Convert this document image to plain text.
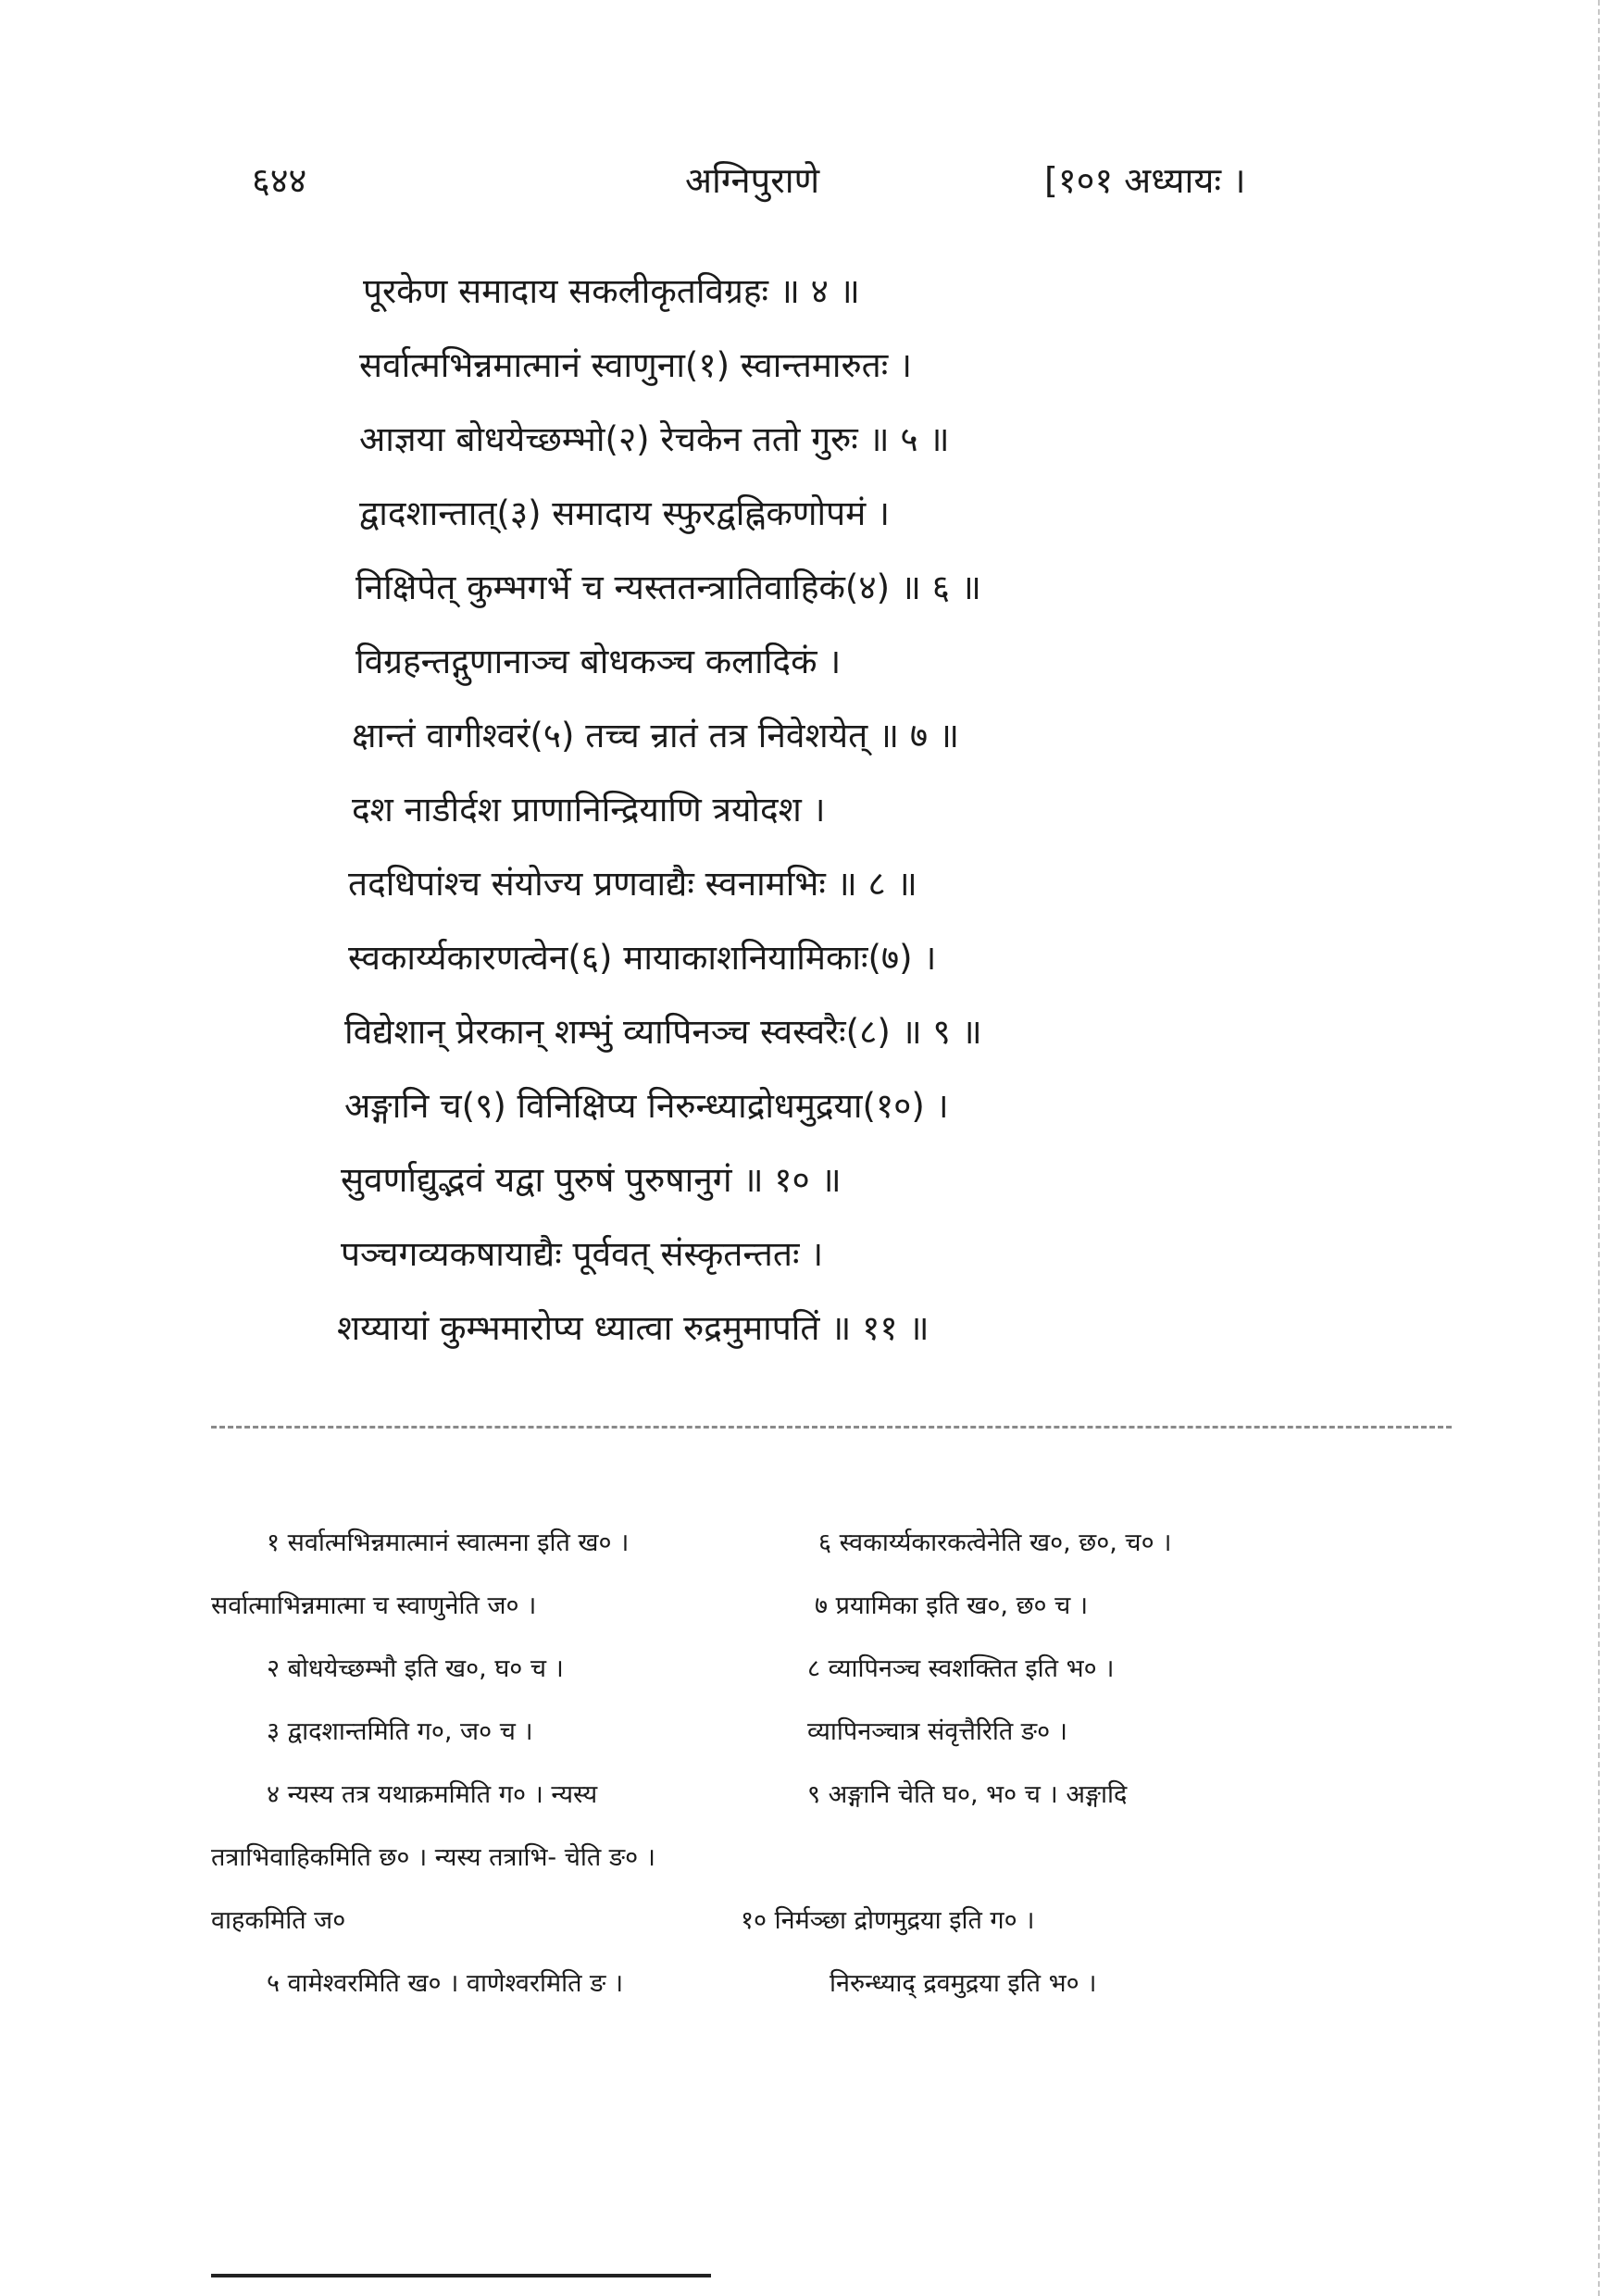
६४४	अग्निपुराणे	[१०१ अध्यायः ।
पूरकेण समादाय सकलीकृतविग्रहः ॥ ४ ॥
सर्वात्मभिन्नमात्मानं स्वाणुना(१) स्वान्तमारुतः ।
आज्ञया बोधयेच्छम्भो(२) रेचकेन ततो गुरुः ॥ ५ ॥
द्वादशान्तात्(३) समादाय स्फुरद्वह्निकणोपमं ।
निक्षिपेत् कुम्भगर्भे च न्यस्ततन्त्रातिवाहिकं(४) ॥ ६ ॥
विग्रहन्तद्गुणानाञ्च बोधकञ्च कलादिकं ।
क्षान्तं वागीश्वरं(५) तच्च न्रातं तत्र निवेशयेत् ॥ ७ ॥
दश नाडीर्दश प्राणानिन्द्रियाणि त्रयोदश ।
तदधिपांश्च संयोज्य प्रणवाद्यैः स्वनामभिः ॥ ८ ॥
स्वकार्य्यकारणत्वेन(६) मायाकाशनियामिकाः(७) ।
विद्येशान् प्रेरकान् शम्भुं व्यापिनञ्च स्वस्वरैः(८) ॥ ९ ॥
अङ्गानि च(९) विनिक्षिप्य निरुन्ध्याद्रोधमुद्रया(१०) ।
सुवर्णाद्युद्भवं यद्वा पुरुषं पुरुषानुगं ॥ १० ॥
पञ्चगव्यकषायाद्यैः पूर्ववत् संस्कृतन्ततः ।
शय्यायां कुम्भमारोप्य ध्यात्वा रुद्रमुमापतिं ॥ ११ ॥
१ सर्वात्मभिन्नमात्मानं स्वात्मना इति ख० ।
सर्वात्माभिन्नमात्मा च स्वाणुनेति ज० ।
२ बोधयेच्छम्भौ इति ख०, घ० च ।
३ द्वादशान्तमिति ग०, ज० च ।
४ न्यस्य तत्र यथाक्रममिति ग० । न्यस्य
तत्राभिवाहिकमिति छ० । न्यस्य तत्राभि- चेति ङ० ।
वाहकमिति ज०
५ वामेश्वरमिति ख० । वाणेश्वरमिति ङ ।
६ स्वकार्य्यकारकत्वेनेति ख०, छ०, च० ।
७ प्रयामिका इति ख०, छ० च ।
८ व्यापिनञ्च स्वशक्तित इति भ० ।
व्यापिनञ्चात्र संवृत्तैरिति ङ० ।
९ अङ्गानि चेति घ०, भ० च । अङ्गादि
१० निर्मञ्छा द्रोणमुद्रया इति ग० ।
निरुन्ध्याद् द्रवमुद्रया इति भ० ।
